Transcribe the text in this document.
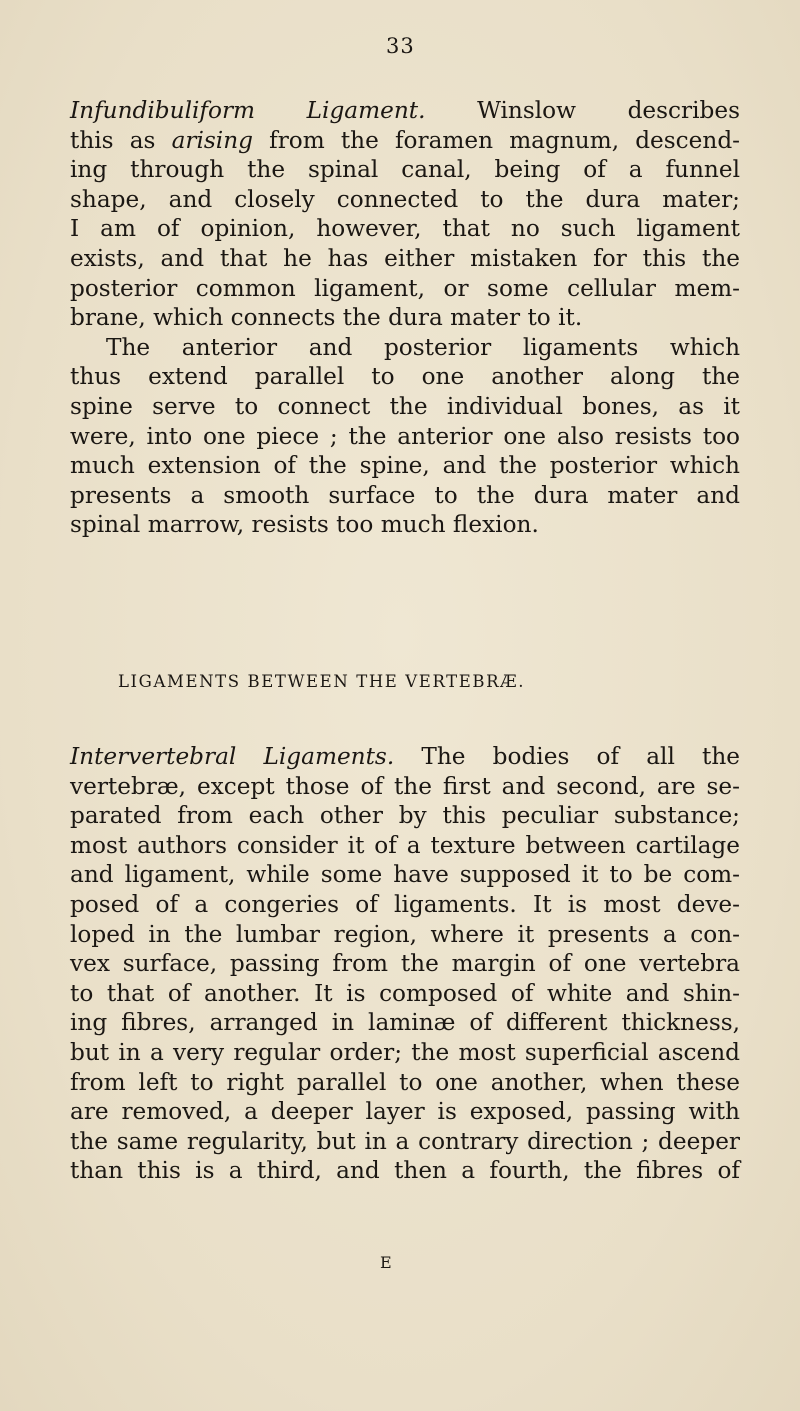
33
Infundibuliform Ligament. Winslow describes
this as arising from the foramen magnum, descend-
ing through the spinal canal, being of a funnel
shape, and closely connected to the dura mater;
I am of opinion, however, that no such ligament
exists, and that he has either mistaken for this the
posterior common ligament, or some cellular mem-
brane, which connects the dura mater to it.
The anterior and posterior ligaments which
thus extend parallel to one another along the
spine serve to connect the individual bones, as it
were, into one piece ; the anterior one also resists too
much extension of the spine, and the posterior which
presents a smooth surface to the dura mater and
spinal marrow, resists too much flexion.
LIGAMENTS BETWEEN THE VERTEBRÆ.
Intervertebral Ligaments. The bodies of all the
vertebræ, except those of the first and second, are se-
parated from each other by this peculiar substance;
most authors consider it of a texture between cartilage
and ligament, while some have supposed it to be com-
posed of a congeries of ligaments. It is most deve-
loped in the lumbar region, where it presents a con-
vex surface, passing from the margin of one vertebra
to that of another. It is composed of white and shin-
ing fibres, arranged in laminæ of different thickness,
but in a very regular order; the most superficial ascend
from left to right parallel to one another, when these
are removed, a deeper layer is exposed, passing with
the same regularity, but in a contrary direction ; deeper
than this is a third, and then a fourth, the fibres of
E
